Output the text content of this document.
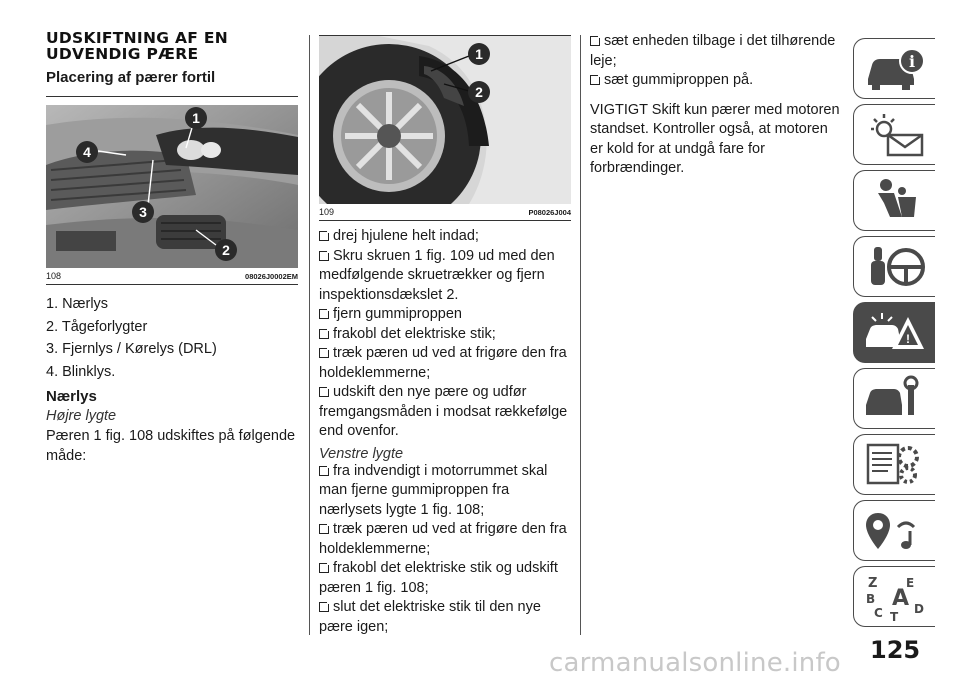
UDSKIFTNING AF EN UDVENDIG PÆRE
Placering af pærer fortil
1
4
3
2
108	08026J0002EM
1. Nærlys
2. Tågeforlygter
3. Fjernlys / Kørelys (DRL)
4. Blinklys.
Nærlys
Højre lygte

Pæren 1 fig. 108 udskiftes på følgende måde:

1
2
109	P08026J004

drej hjulene helt indad;

Skru skruen 1 fig. 109 ud med den medfølgende skruetrækker og fjern inspektionsdækslet 2.

fjern gummiproppen

frakobl det elektriske stik;

træk pæren ud ved at frigøre den fra holdeklemmerne;

udskift den nye pære og udfør fremgangsmåden i modsat rækkefølge end ovenfor.

Venstre lygte

fra indvendigt i motorrummet skal man fjerne gummiproppen fra nærlysets lygte 1 fig. 108;

træk pæren ud ved at frigøre den fra holdeklemmerne;

frakobl det elektriske stik og udskift pæren 1 fig. 108;

slut det elektriske stik til den nye pære igen;

sæt enheden tilbage i det tilhørende leje;

sæt gummiproppen på.

VIGTIGT Skift kun pærer med motoren standset. Kontroller også, at motoren er kold for at undgå fare for forbrændinger.

i
!
Z E
B A
C	D
T
125
carmanualsonline.info
